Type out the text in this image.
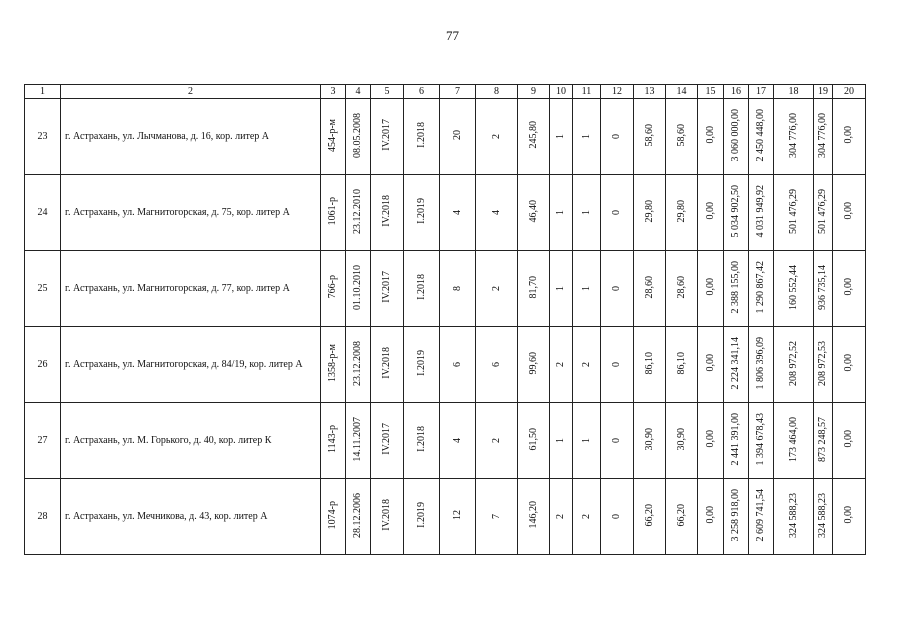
77
1	2	3	4	5	6	7	8	9	10	11	12	13	14	15	16	17	18	19	20
23	г. Астрахань, ул. Лычманова, д. 16, кор. литер А	454-р-м	08.05.2008	IV.2017	I.2018	20	2	245,80	1	1	0	58,60	58,60	0,00	3 060 000,00	2 450 448,00	304 776,00	304 776,00	0,00
24	г. Астрахань, ул. Магнитогорская, д. 75, кор. литер А	1061-р	23.12.2010	IV.2018	I.2019	4	4	46,40	1	1	0	29,80	29,80	0,00	5 034 902,50	4 031 949,92	501 476,29	501 476,29	0,00
25	г. Астрахань, ул. Магнитогорская, д. 77, кор. литер А	766-р	01.10.2010	IV.2017	I.2018	8	2	81,70	1	1	0	28,60	28,60	0,00	2 388 155,00	1 290 867,42	160 552,44	936 735,14	0,00
26	г. Астрахань, ул. Магнитогорская, д. 84/19, кор. литер А	1358-р-м	23.12.2008	IV.2018	I.2019	6	6	99,60	2	2	0	86,10	86,10	0,00	2 224 341,14	1 806 396,09	208 972,52	208 972,53	0,00
27	г. Астрахань, ул. М. Горького, д. 40, кор. литер К	1143-р	14.11.2007	IV.2017	I.2018	4	2	61,50	1	1	0	30,90	30,90	0,00	2 441 391,00	1 394 678,43	173 464,00	873 248,57	0,00
28	г. Астрахань, ул. Мечникова, д. 43, кор. литер А	1074-р	28.12.2006	IV.2018	I.2019	12	7	146,20	2	2	0	66,20	66,20	0,00	3 258 918,00	2 609 741,54	324 588,23	324 588,23	0,00
